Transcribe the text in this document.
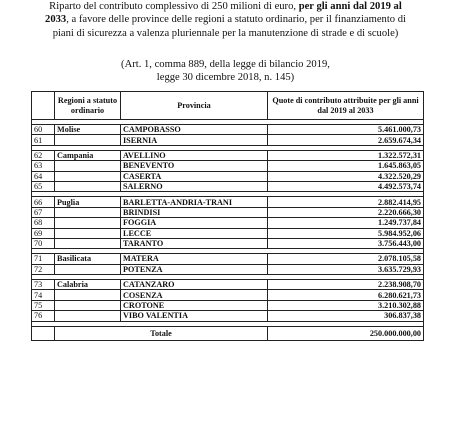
Riparto del contributo complessivo di 250 milioni di euro, per gli anni dal 2019 al
2033, a favore delle province delle regioni a statuto ordinario, per il finanziamento di
piani di sicurezza a valenza pluriennale per la manutenzione di strade e di scuole)
(Art. 1, comma 889, della legge di bilancio 2019,
legge 30 dicembre 2018, n. 145)
	Regioni a statuto ordinario	Provincia	Quote di contributo attribuite per gli anni dal 2019 al 2033

60	Molise	CAMPOBASSO	5.461.000,73
61		ISERNIA	2.659.674,34

62	Campania	AVELLINO	1.322.572,31
63		BENEVENTO	1.645.863,05
64		CASERTA	4.322.520,29
65		SALERNO	4.492.573,74

66	Puglia	BARLETTA-ANDRIA-TRANI	2.882.414,95
67		BRINDISI	2.220.666,30
68		FOGGIA	1.249.737,84
69		LECCE	5.984.952,06
70		TARANTO	3.756.443,00

71	Basilicata	MATERA	2.078.105,58
72		POTENZA	3.635.729,93

73	Calabria	CATANZARO	2.238.908,70
74		COSENZA	6.280.621,73
75		CROTONE	3.210.302,88
76		VIBO VALENTIA	306.837,38

	Totale		250.000.000,00
